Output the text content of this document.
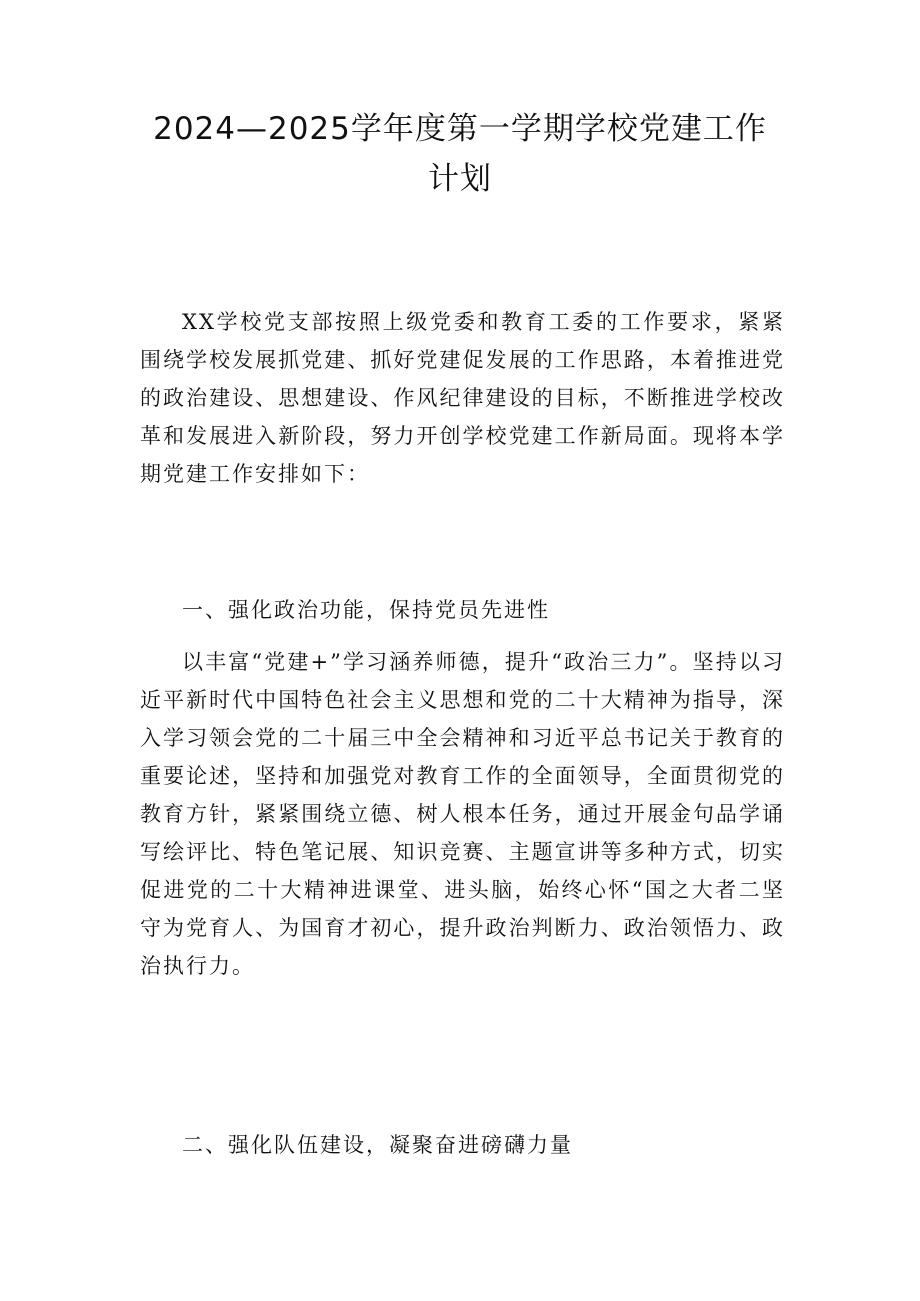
2024—2025学年度第一学期学校党建工作
计划

XX学校党支部按照上级党委和教育工委的工作要求，紧紧围绕学校发展抓党建、抓好党建促发展的工作思路，本着推进党的政治建设、思想建设、作风纪律建设的目标，不断推进学校改革和发展进入新阶段，努力开创学校党建工作新局面。现将本学期党建工作安排如下：

一、强化政治功能，保持党员先进性

以丰富“党建+”学习涵养师德，提升“政治三力”。坚持以习近平新时代中国特色社会主义思想和党的二十大精神为指导，深入学习领会党的二十届三中全会精神和习近平总书记关于教育的重要论述，坚持和加强党对教育工作的全面领导，全面贯彻党的教育方针，紧紧围绕立德、树人根本任务，通过开展金句品学诵写绘评比、特色笔记展、知识竞赛、主题宣讲等多种方式，切实促进党的二十大精神进课堂、进头脑，始终心怀“国之大者二坚守为党育人、为国育才初心，提升政治判断力、政治领悟力、政治执行力。

二、强化队伍建设，凝聚奋进磅礴力量
